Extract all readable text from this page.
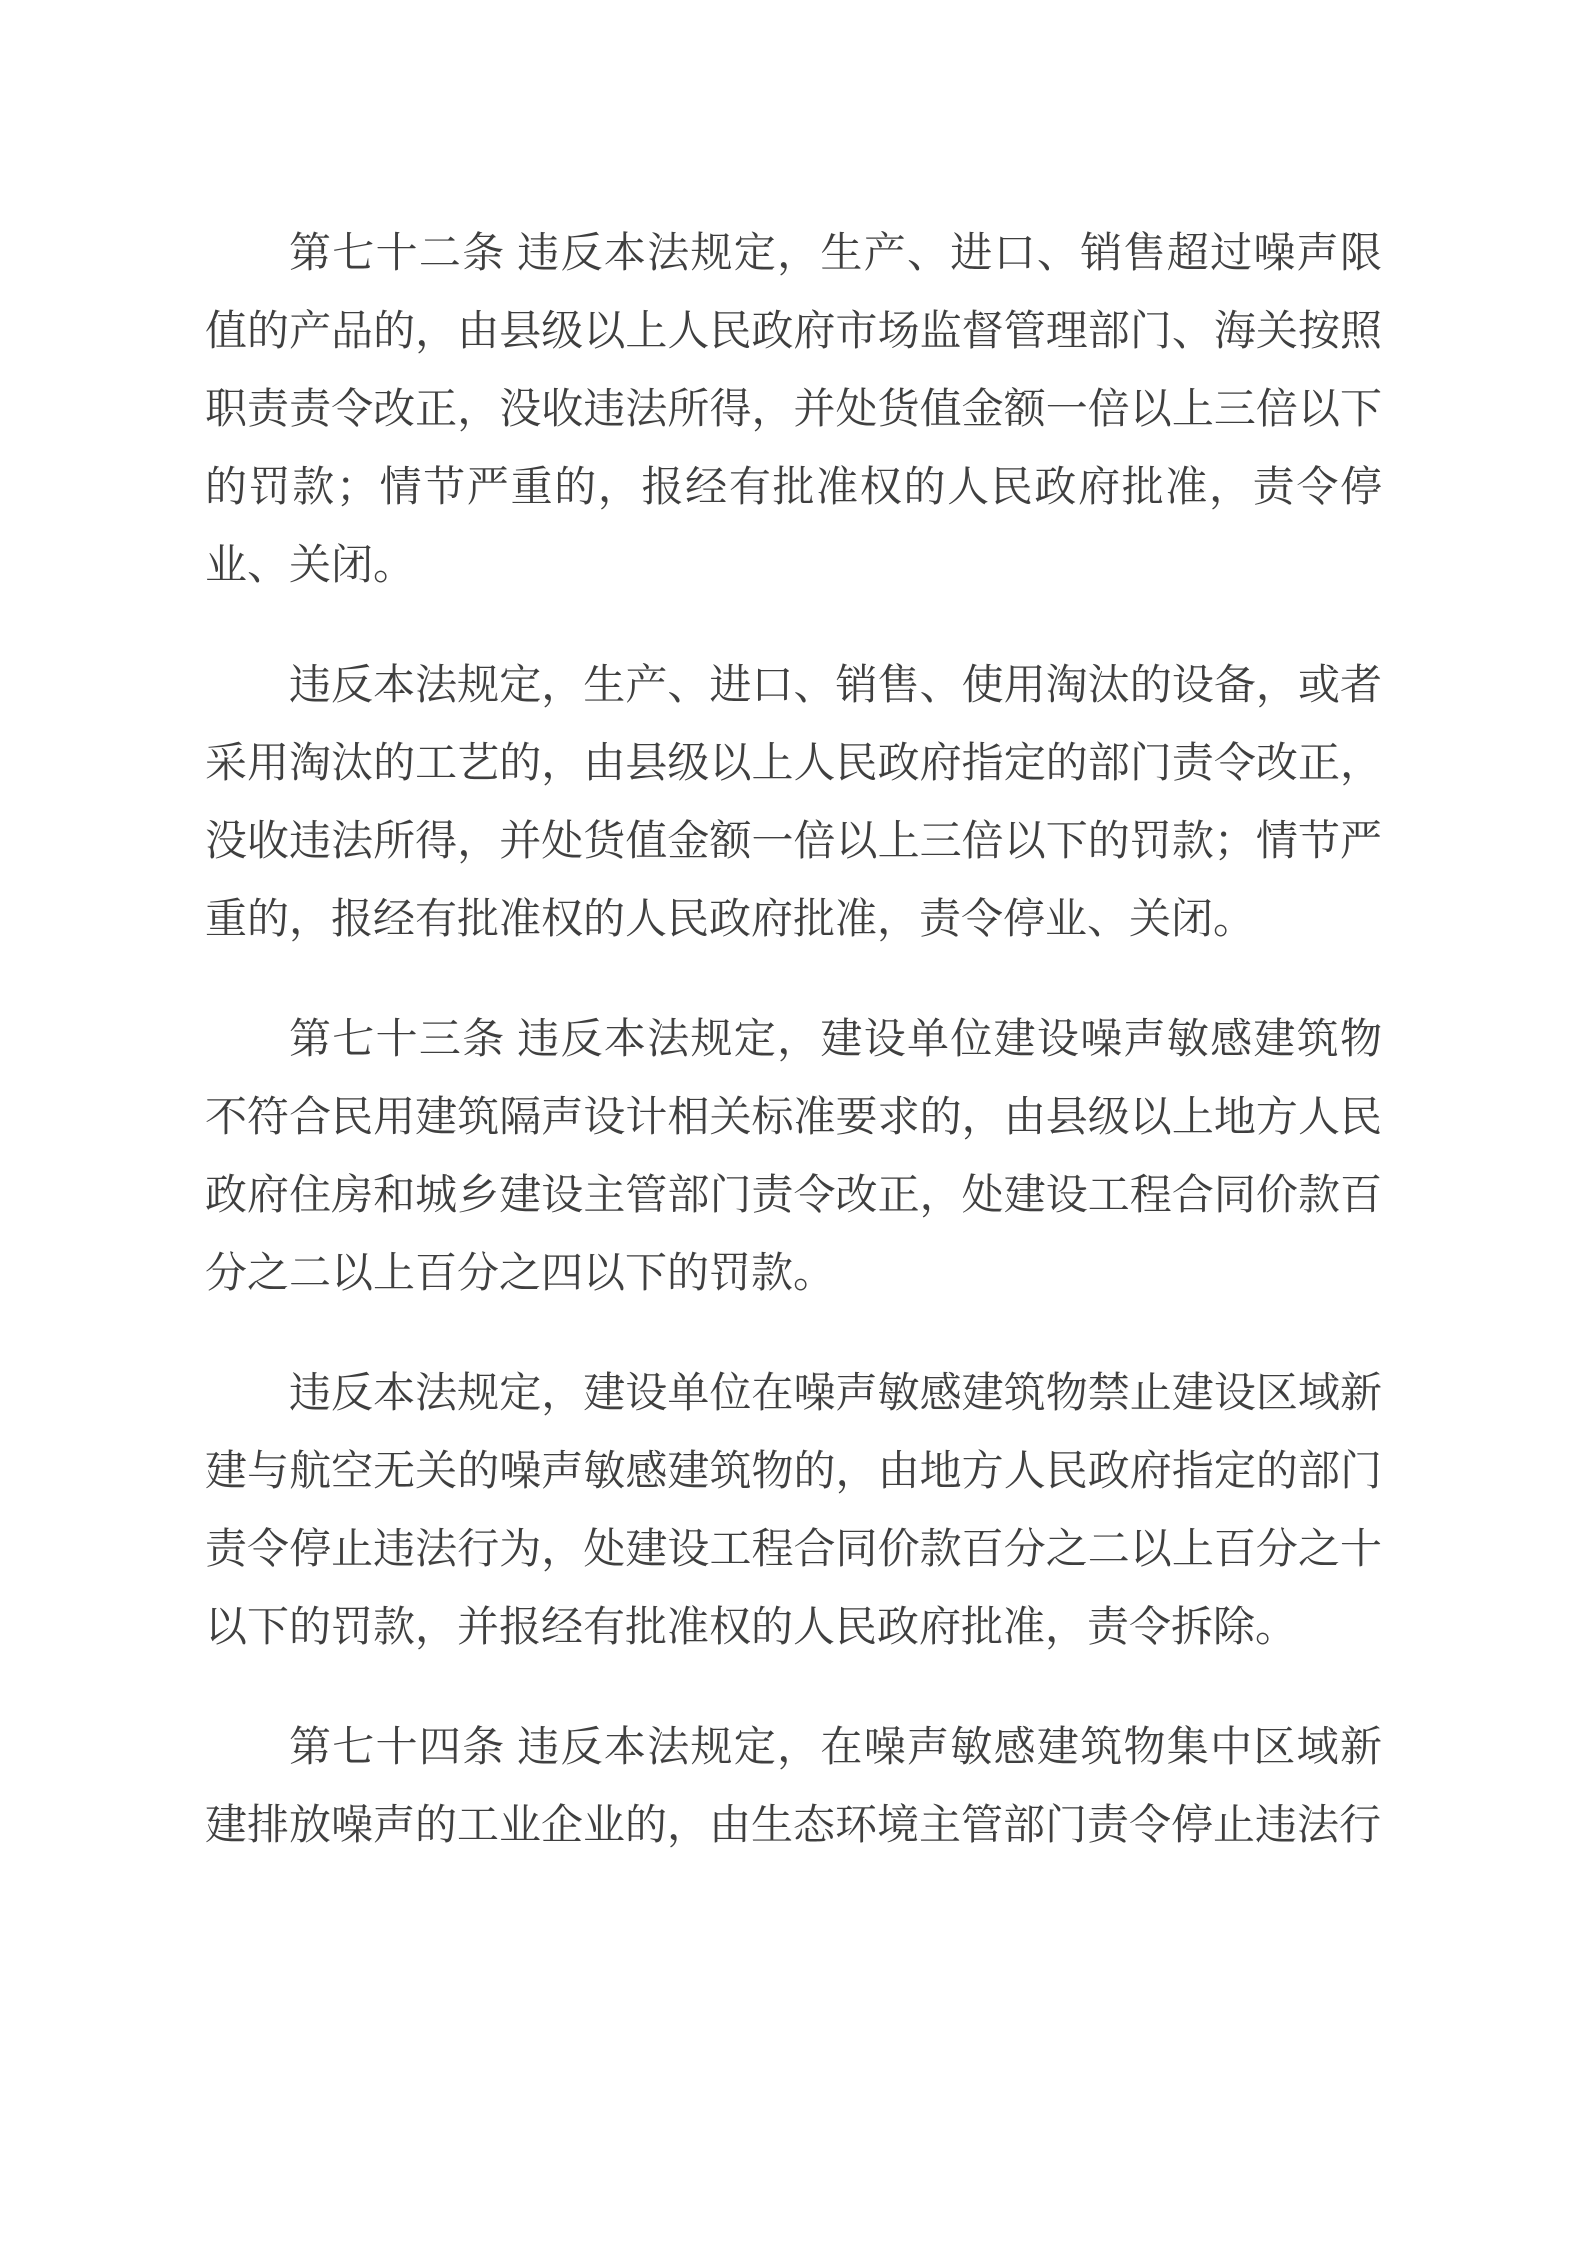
第七十二条 违反本法规定，生产、进口、销售超过噪声限值的产品的，由县级以上人民政府市场监督管理部门、海关按照职责责令改正，没收违法所得，并处货值金额一倍以上三倍以下的罚款；情节严重的，报经有批准权的人民政府批准，责令停业、关闭。

违反本法规定，生产、进口、销售、使用淘汰的设备，或者采用淘汰的工艺的，由县级以上人民政府指定的部门责令改正，没收违法所得，并处货值金额一倍以上三倍以下的罚款；情节严重的，报经有批准权的人民政府批准，责令停业、关闭。

第七十三条 违反本法规定，建设单位建设噪声敏感建筑物不符合民用建筑隔声设计相关标准要求的，由县级以上地方人民政府住房和城乡建设主管部门责令改正，处建设工程合同价款百分之二以上百分之四以下的罚款。

违反本法规定，建设单位在噪声敏感建筑物禁止建设区域新建与航空无关的噪声敏感建筑物的，由地方人民政府指定的部门责令停止违法行为，处建设工程合同价款百分之二以上百分之十以下的罚款，并报经有批准权的人民政府批准，责令拆除。

第七十四条 违反本法规定，在噪声敏感建筑物集中区域新建排放噪声的工业企业的，由生态环境主管部门责令停止违法行
